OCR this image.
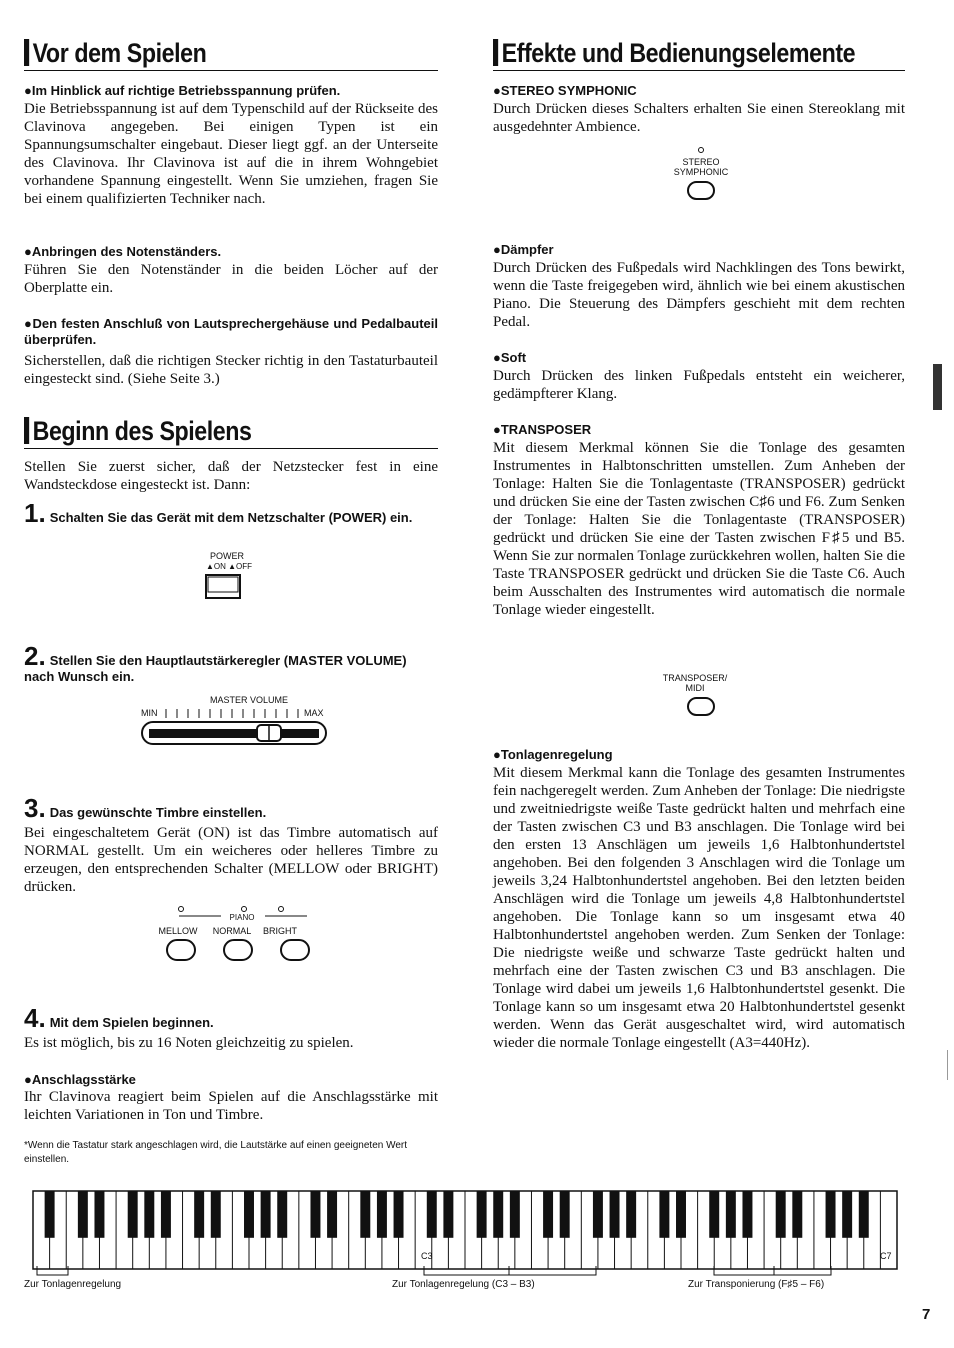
Vor dem Spielen
●Im Hinblick auf richtige Betriebsspannung prüfen.
Die Betriebsspannung ist auf dem Typenschild auf der Rückseite des Clavinova angegeben. Bei einigen Typen ist ein Spannungsumschalter eingebaut. Dieser liegt ggf. an der Unterseite des Clavinova. Ihr Clavinova ist auf die in ihrem Wohngebiet vorhandene Spannung eingestellt. Wenn Sie umziehen, fragen Sie bei einem qualifizierten Techniker nach.
●Anbringen des Notenständers.
Führen Sie den Notenständer in die beiden Löcher auf der Oberplatte ein.
●Den festen Anschluß von Lautsprechergehäuse und Pedalbauteil überprüfen.
Sicherstellen, daß die richtigen Stecker richtig in den Tastaturbauteil eingesteckt sind. (Siehe Seite 3.)
Beginn des Spielens
Stellen Sie zuerst sicher, daß der Netzstecker fest in eine Wandsteckdose eingesteckt ist. Dann:
1. Schalten Sie das Gerät mit dem Netzschalter (POWER) ein.
POWER
▲ON ▲OFF
2. Stellen Sie den Hauptlautstärkeregler (MASTER VOLUME) nach Wunsch ein.
MASTER VOLUME
MIN	MAX
3. Das gewünschte Timbre einstellen.
Bei eingeschaltetem Gerät (ON) ist das Timbre automatisch auf NORMAL gestellt. Um ein weicheres oder helleres Timbre zu erzeugen, den entsprechenden Schalter (MELLOW oder BRIGHT) drücken.
PIANO
MELLOW	NORMAL	BRIGHT
4. Mit dem Spielen beginnen.
Es ist möglich, bis zu 16 Noten gleichzeitig zu spielen.
●Anschlagsstärke
Ihr Clavinova reagiert beim Spielen auf die Anschlagsstärke mit leichten Variationen in Ton und Timbre.
*Wenn die Tastatur stark angeschlagen wird, die Lautstärke auf einen geeigneten Wert einstellen.
Effekte und Bedienungselemente
●STEREO SYMPHONIC
Durch Drücken dieses Schalters erhalten Sie einen Stereoklang mit ausgedehnter Ambience.
STEREO
SYMPHONIC
●Dämpfer
Durch Drücken des Fußpedals wird Nachklingen des Tons bewirkt, wenn die Taste freigegeben wird, ähnlich wie bei einem akustischen Piano. Die Steuerung des Dämpfers geschieht mit dem rechten Pedal.
●Soft
Durch Drücken des linken Fußpedals entsteht ein weicherer, gedämpfterer Klang.
●TRANSPOSER
Mit diesem Merkmal können Sie die Tonlage des gesamten Instrumentes in Halbtonschritten umstellen. Zum Anheben der Tonlage: Halten Sie die Tonlagentaste (TRANSPOSER) gedrückt und drücken Sie eine der Tasten zwischen C♯6 und F6. Zum Senken der Tonlage: Halten Sie die Tonlagentaste (TRANSPOSER) gedrückt und drücken Sie eine der Tasten zwischen F♯5 und B5. Wenn Sie zur normalen Tonlage zurückkehren wollen, halten Sie die Taste TRANSPOSER gedrückt und drücken Sie die Taste C6. Auch beim Ausschalten des Instrumentes wird automatisch die normale Tonlage wieder eingestellt.
TRANSPOSER/
MIDI
●Tonlagenregelung
Mit diesem Merkmal kann die Tonlage des gesamten Instrumentes fein nachgeregelt werden. Zum Anheben der Tonlage: Die niedrigste und zweitniedrigste weiße Taste gedrückt halten und mehrfach eine der Tasten zwischen C3 und B3 anschlagen. Die Tonlage wird bei den ersten 13 Anschlägen um jeweils 1,6 Halbtonhundertstel angehoben. Bei den folgenden 3 Anschlagen wird die Tonlage um jeweils 3,24 Halbtonhundertstel angehoben. Bei den letzten beiden Anschlägen wird die Tonlage um jeweils 4,8 Halbtonhundertstel angehoben. Die Tonlage kann so um insgesamt etwa 40 Halbtonhundertstel angehoben werden. Zum Senken der Tonlage: Die niedrigste weiße und schwarze Taste gedrückt halten und mehrfach eine der Tasten zwischen C3 und B3 anschlagen. Die Tonlage wird dabei um jeweils 1,6 Halbtonhundertstel gesenkt. Die Tonlage kann so um insgesamt etwa 20 Halbtonhundertstel gesenkt werden. Wenn das Gerät ausgeschaltet wird, wird automatisch wieder die normale Tonlage eingestellt (A3=440Hz).
C3	C7
Zur Tonlagenregelung	Zur Tonlagenregelung (C3 – B3)	Zur Transponierung (F♯5 – F6)
7
